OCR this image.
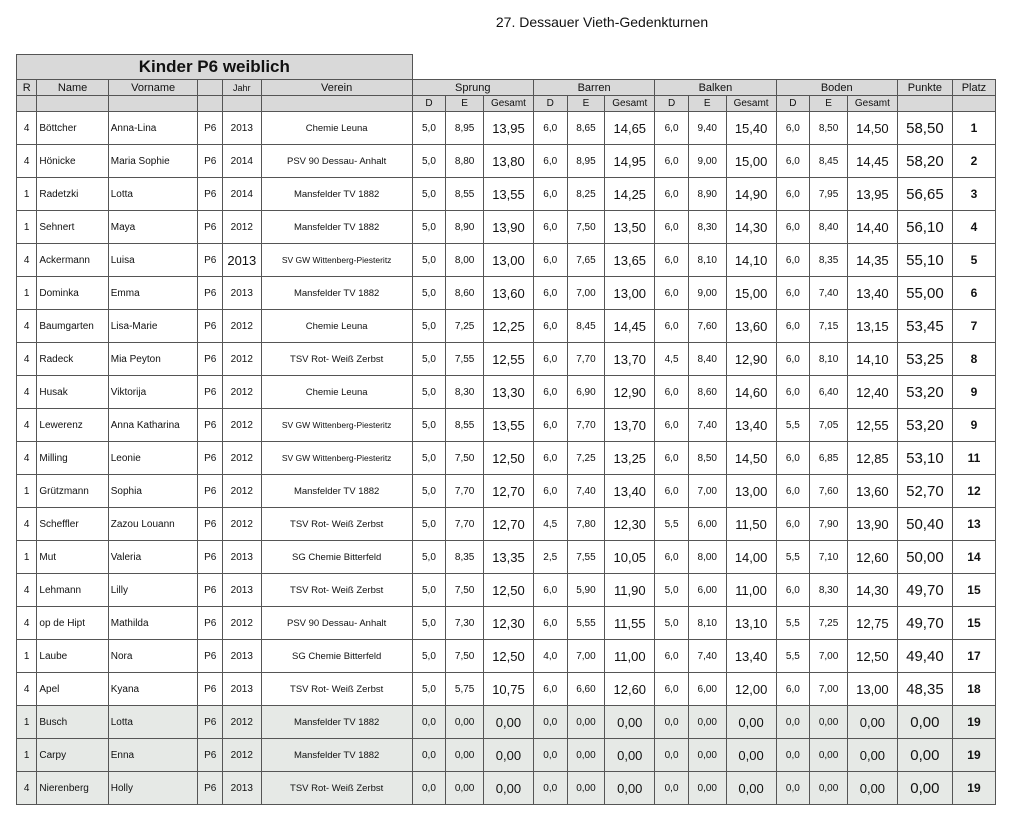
27. Dessauer Vieth-Gedenkturnen
Kinder P6 weiblich																			
R	Name	Vorname		Jahr	Verein	Sprung			Barren			Balken			Boden			Punkte	Platz
						D	E	Gesamt	D	E	Gesamt	D	E	Gesamt	D	E	Gesamt		
4	Böttcher	Anna-Lina	P6	2013	Chemie Leuna	5,0	8,95	13,95	6,0	8,65	14,65	6,0	9,40	15,40	6,0	8,50	14,50	58,50	1
4	Hönicke	Maria Sophie	P6	2014	PSV 90 Dessau- Anhalt	5,0	8,80	13,80	6,0	8,95	14,95	6,0	9,00	15,00	6,0	8,45	14,45	58,20	2
1	Radetzki	Lotta	P6	2014	Mansfelder TV 1882	5,0	8,55	13,55	6,0	8,25	14,25	6,0	8,90	14,90	6,0	7,95	13,95	56,65	3
1	Sehnert	Maya	P6	2012	Mansfelder TV 1882	5,0	8,90	13,90	6,0	7,50	13,50	6,0	8,30	14,30	6,0	8,40	14,40	56,10	4
4	Ackermann	Luisa	P6	2013	SV GW Wittenberg-Piesteritz	5,0	8,00	13,00	6,0	7,65	13,65	6,0	8,10	14,10	6,0	8,35	14,35	55,10	5
1	Dominka	Emma	P6	2013	Mansfelder TV 1882	5,0	8,60	13,60	6,0	7,00	13,00	6,0	9,00	15,00	6,0	7,40	13,40	55,00	6
4	Baumgarten	Lisa-Marie	P6	2012	Chemie Leuna	5,0	7,25	12,25	6,0	8,45	14,45	6,0	7,60	13,60	6,0	7,15	13,15	53,45	7
4	Radeck	Mia Peyton	P6	2012	TSV Rot- Weiß Zerbst	5,0	7,55	12,55	6,0	7,70	13,70	4,5	8,40	12,90	6,0	8,10	14,10	53,25	8
4	Husak	Viktorija	P6	2012	Chemie Leuna	5,0	8,30	13,30	6,0	6,90	12,90	6,0	8,60	14,60	6,0	6,40	12,40	53,20	9
4	Lewerenz	Anna Katharina	P6	2012	SV GW Wittenberg-Piesteritz	5,0	8,55	13,55	6,0	7,70	13,70	6,0	7,40	13,40	5,5	7,05	12,55	53,20	9
4	Milling	Leonie	P6	2012	SV GW Wittenberg-Piesteritz	5,0	7,50	12,50	6,0	7,25	13,25	6,0	8,50	14,50	6,0	6,85	12,85	53,10	11
1	Grützmann	Sophia	P6	2012	Mansfelder TV 1882	5,0	7,70	12,70	6,0	7,40	13,40	6,0	7,00	13,00	6,0	7,60	13,60	52,70	12
4	Scheffler	Zazou Louann	P6	2012	TSV Rot- Weiß Zerbst	5,0	7,70	12,70	4,5	7,80	12,30	5,5	6,00	11,50	6,0	7,90	13,90	50,40	13
1	Mut	Valeria	P6	2013	SG Chemie Bitterfeld	5,0	8,35	13,35	2,5	7,55	10,05	6,0	8,00	14,00	5,5	7,10	12,60	50,00	14
4	Lehmann	Lilly	P6	2013	TSV Rot- Weiß Zerbst	5,0	7,50	12,50	6,0	5,90	11,90	5,0	6,00	11,00	6,0	8,30	14,30	49,70	15
4	op de Hipt	Mathilda	P6	2012	PSV 90 Dessau- Anhalt	5,0	7,30	12,30	6,0	5,55	11,55	5,0	8,10	13,10	5,5	7,25	12,75	49,70	15
1	Laube	Nora	P6	2013	SG Chemie Bitterfeld	5,0	7,50	12,50	4,0	7,00	11,00	6,0	7,40	13,40	5,5	7,00	12,50	49,40	17
4	Apel	Kyana	P6	2013	TSV Rot- Weiß Zerbst	5,0	5,75	10,75	6,0	6,60	12,60	6,0	6,00	12,00	6,0	7,00	13,00	48,35	18
1	Busch	Lotta	P6	2012	Mansfelder TV 1882	0,0	0,00	0,00	0,0	0,00	0,00	0,0	0,00	0,00	0,0	0,00	0,00	0,00	19
1	Carpy	Enna	P6	2012	Mansfelder TV 1882	0,0	0,00	0,00	0,0	0,00	0,00	0,0	0,00	0,00	0,0	0,00	0,00	0,00	19
4	Nierenberg	Holly	P6	2013	TSV Rot- Weiß Zerbst	0,0	0,00	0,00	0,0	0,00	0,00	0,0	0,00	0,00	0,0	0,00	0,00	0,00	19
